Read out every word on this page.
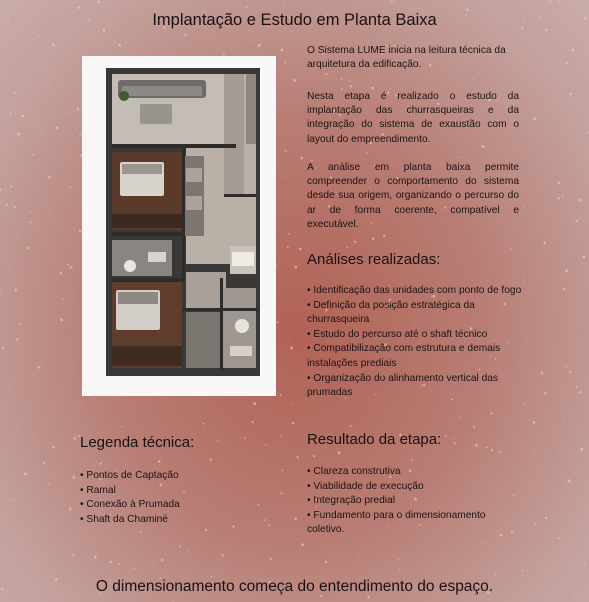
Implantação e Estudo em Planta Baixa

O Sistema LUME inicia na leitura técnica da arquitetura da edificação.

Nesta etapa é realizado o estudo da implantação das churrasqueiras e da integração do sistema de exaustão com o layout do empreendimento.

A análise em planta baixa permite compreender o comportamento do sistema desde sua origem, organizando o percurso do ar de forma coerente, compatível e executável.

Análises realizadas:
• Identificação das unidades com ponto de fogo
• Definição da posição estratégica da churrasqueira
• Estudo do percurso até o shaft técnico
• Compatibilização com estrutura e demais instalações prediais
• Organização do alinhamento vertical das prumadas
Legenda técnica:
• Pontos de Captação
• Ramal
• Conexão à Prumada
• Shaft da Chaminé
Resultado da etapa:
• Clareza construtiva
• Viabilidade de execução
• Integração predial
• Fundamento para o dimensionamento coletivo.
O dimensionamento começa do entendimento do espaço.
